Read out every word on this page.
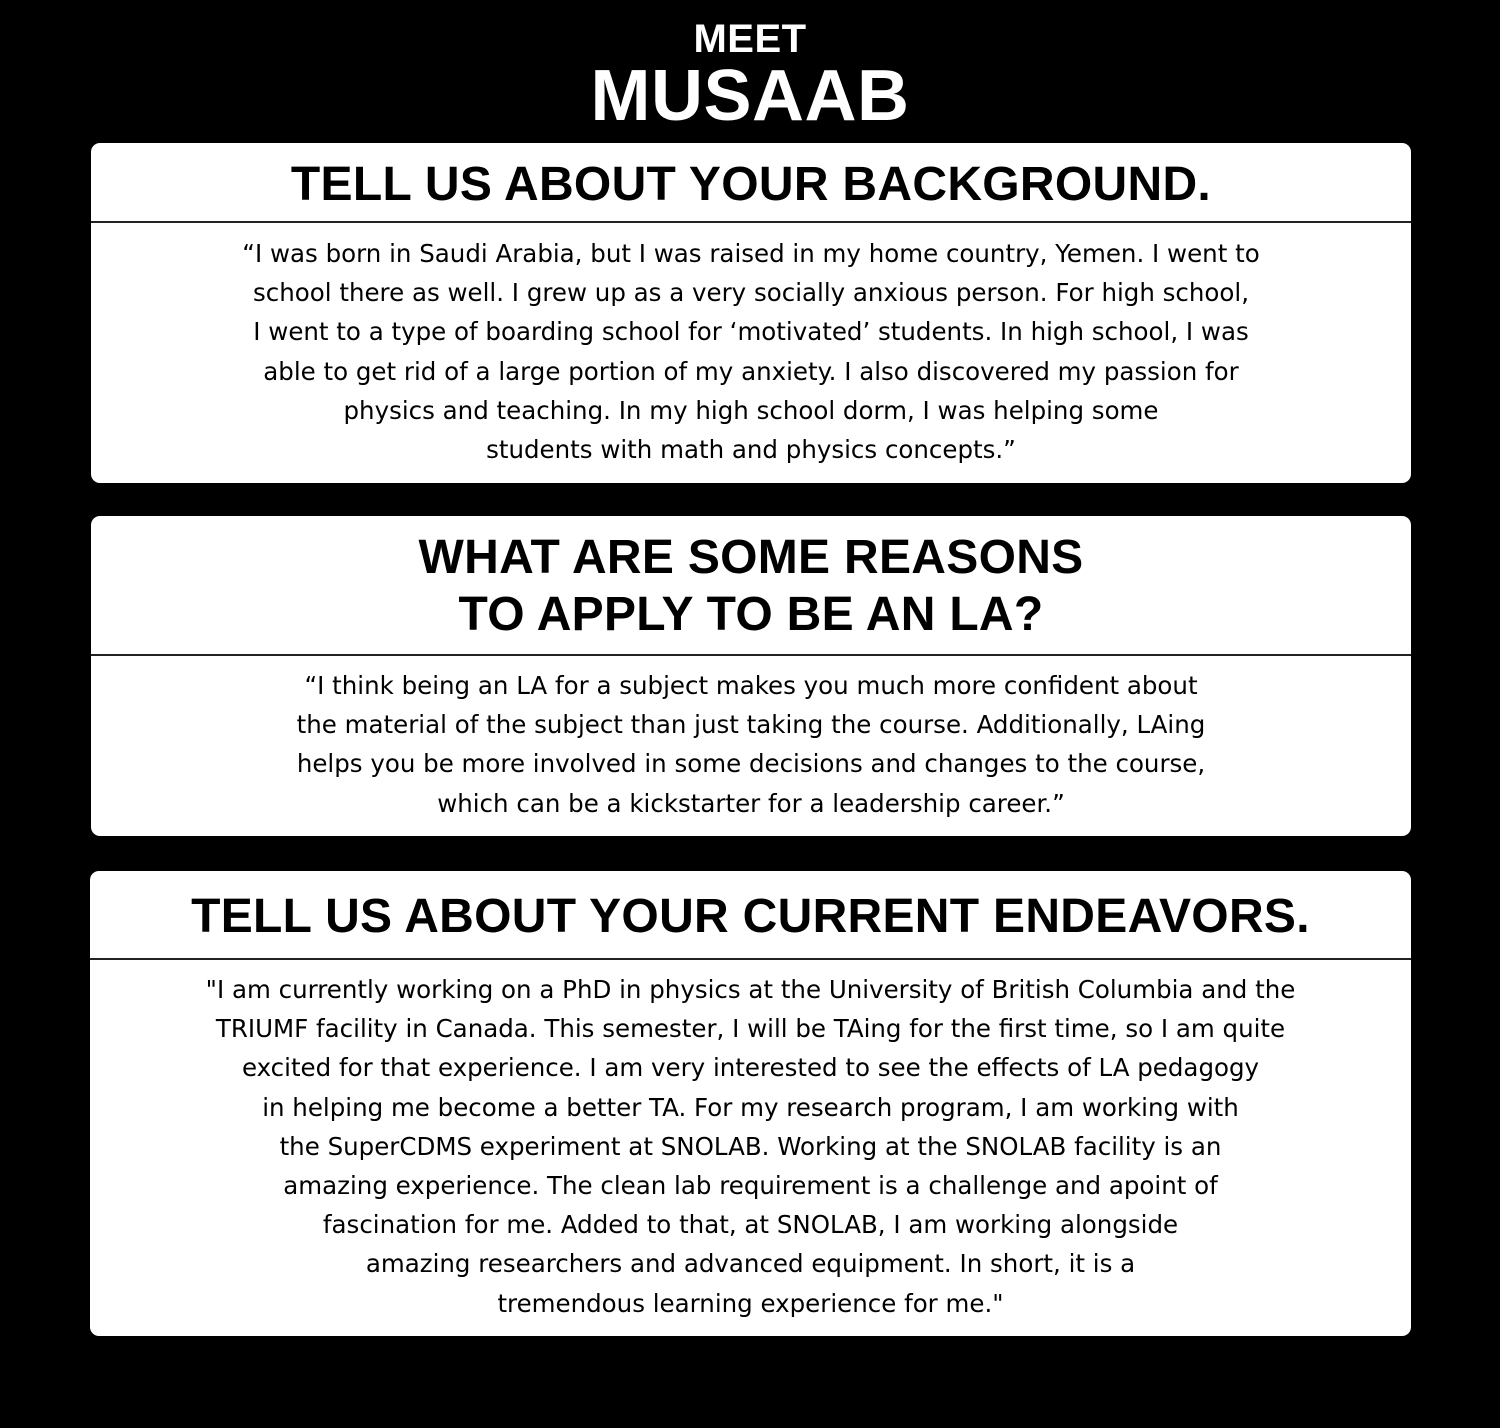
MEET
MUSAAB
TELL US ABOUT YOUR BACKGROUND.

“I was born in Saudi Arabia, but I was raised in my home country, Yemen. I went to
school there as well. I grew up as a very socially anxious person. For high school,
I went to a type of boarding school for ‘motivated’ students. In high school, I was
able to get rid of a large portion of my anxiety. I also discovered my passion for
physics and teaching. In my high school dorm, I was helping some
students with math and physics concepts.”

WHAT ARE SOME REASONS
TO APPLY TO BE AN LA?

“I think being an LA for a subject makes you much more confident about
the material of the subject than just taking the course. Additionally, LAing
helps you be more involved in some decisions and changes to the course,
which can be a kickstarter for a leadership career.”

TELL US ABOUT YOUR CURRENT ENDEAVORS.

"I am currently working on a PhD in physics at the University of British Columbia and the
TRIUMF facility in Canada. This semester, I will be TAing for the first time, so I am quite
excited for that experience. I am very interested to see the effects of LA pedagogy
in helping me become a better TA. For my research program, I am working with
the SuperCDMS experiment at SNOLAB. Working at the SNOLAB facility is an
amazing experience. The clean lab requirement is a challenge and apoint of
fascination for me. Added to that, at SNOLAB, I am working alongside
amazing researchers and advanced equipment. In short, it is a
tremendous learning experience for me."
